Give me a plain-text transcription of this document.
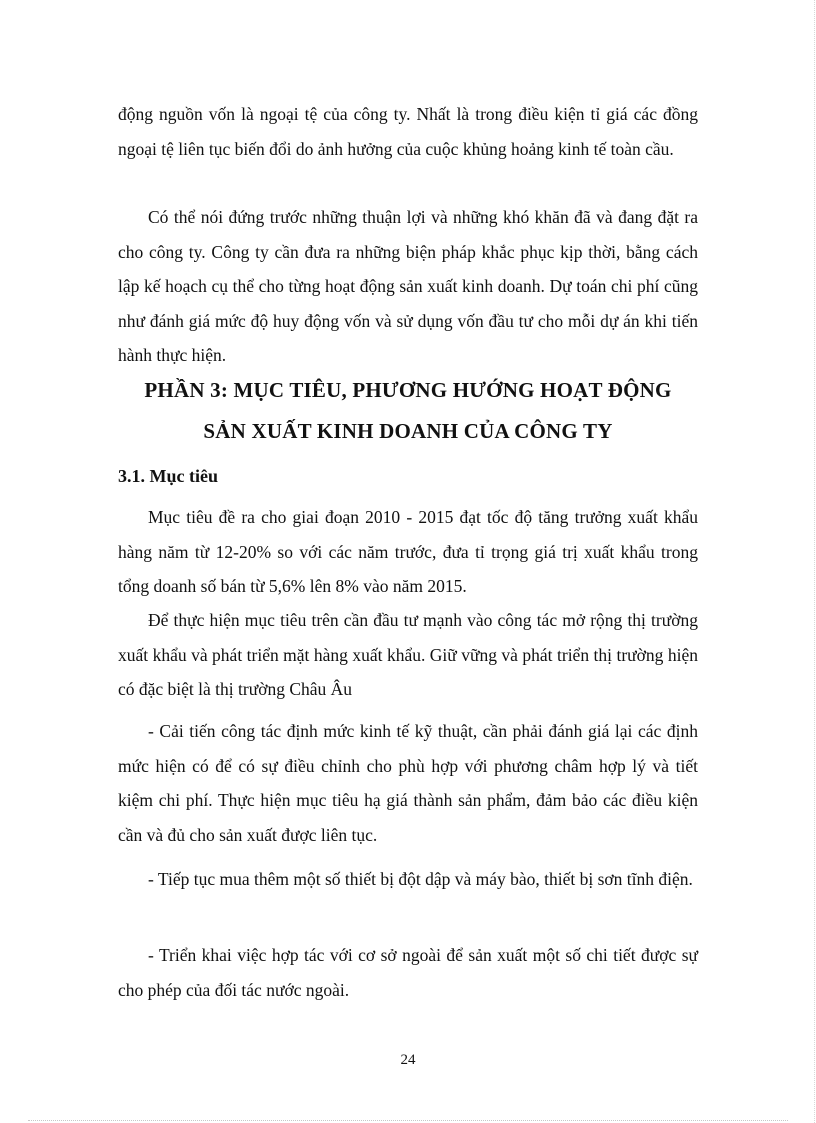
động nguồn vốn là ngoại tệ của công ty. Nhất là trong điều kiện tỉ giá các đồng ngoại tệ liên tục biến đổi do ảnh hưởng của cuộc khủng hoảng kinh tế toàn cầu.

Có thể nói đứng trước những thuận lợi và những khó khăn đã và đang đặt ra cho công ty. Công ty cần đưa ra những biện pháp khắc phục kịp thời, bằng cách lập kế hoạch cụ thể cho từng hoạt động sản xuất kinh doanh. Dự toán chi phí cũng như đánh giá mức độ huy động vốn và sử dụng vốn đầu tư cho mỗi dự án khi tiến hành thực hiện.

PHẦN 3: MỤC TIÊU, PHƯƠNG HƯỚNG HOẠT ĐỘNG
SẢN XUẤT KINH DOANH CỦA CÔNG TY
3.1. Mục tiêu

Mục tiêu đề ra cho giai đoạn 2010 - 2015 đạt tốc độ tăng trưởng xuất khẩu hàng năm từ 12-20% so với các năm trước, đưa tỉ trọng giá trị xuất khẩu trong tổng doanh số bán từ 5,6% lên 8% vào năm 2015.

Để thực hiện mục tiêu trên cần đầu tư mạnh vào công tác mở rộng thị trường xuất khẩu và phát triển mặt hàng xuất khẩu. Giữ vững và phát triển thị trường hiện có đặc biệt là thị trường Châu Âu

- Cải tiến công tác định mức kinh tế kỹ thuật, cần phải đánh giá lại các định mức hiện có để có sự điều chỉnh cho phù hợp với phương châm hợp lý và tiết kiệm chi phí. Thực hiện mục tiêu hạ giá thành sản phẩm, đảm bảo các điều kiện cần và đủ cho sản xuất được liên tục.

- Tiếp tục mua thêm một số thiết bị đột dập và máy bào, thiết bị sơn tĩnh điện.

- Triển khai việc hợp tác với cơ sở ngoài để sản xuất một số chi tiết được sự cho phép của đối tác nước ngoài.

24
